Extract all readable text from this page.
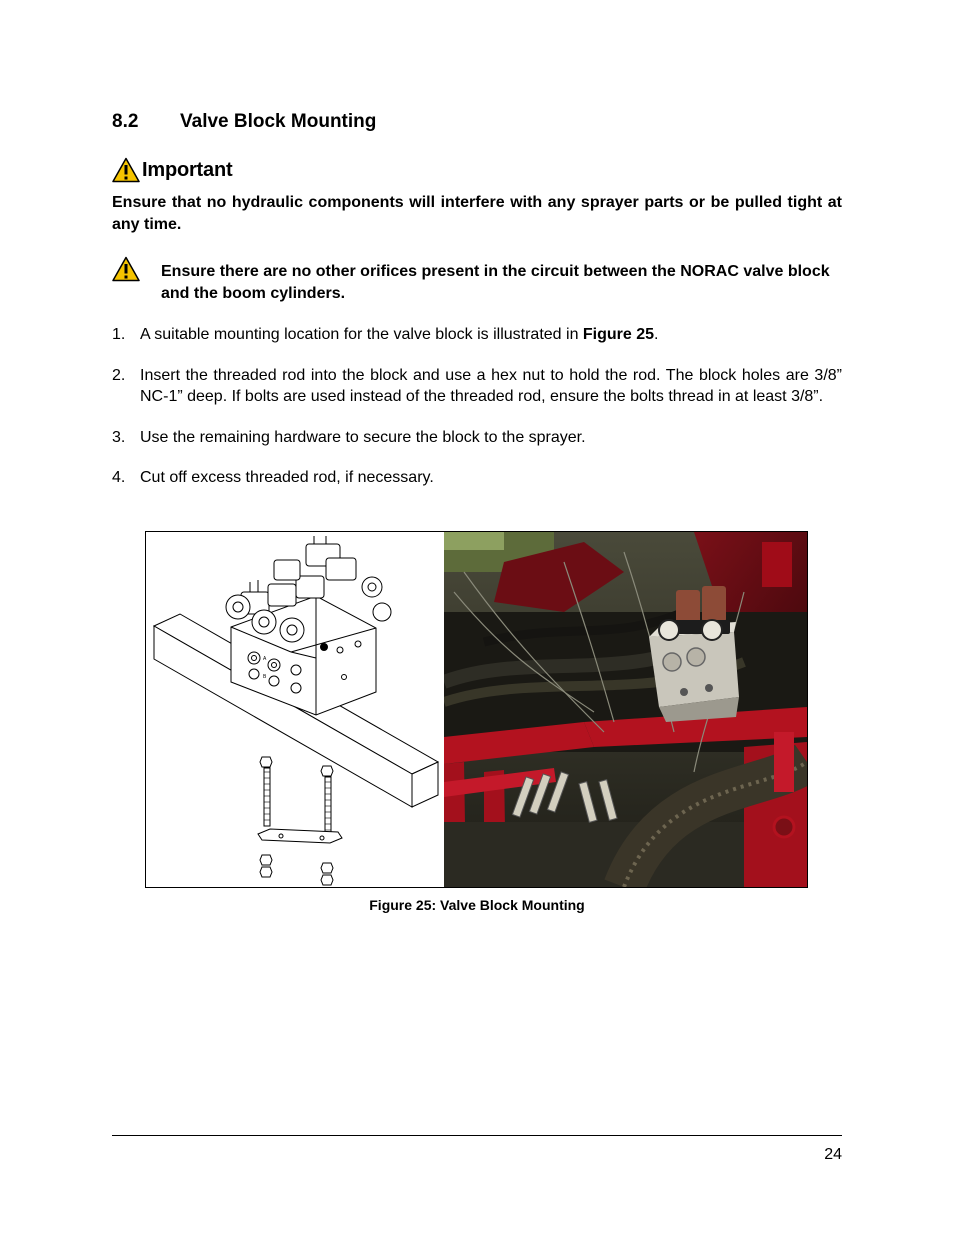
8.2 Valve Block Mounting
Important
Ensure that no hydraulic components will interfere with any sprayer parts or be pulled tight at any time.
Ensure there are no other orifices present in the circuit between the NORAC valve block and the boom cylinders.
1. A suitable mounting location for the valve block is illustrated in Figure 25.
2. Insert the threaded rod into the block and use a hex nut to hold the rod. The block holes are 3/8” NC-1” deep. If bolts are used instead of the threaded rod, ensure the bolts thread in at least 3/8”.
3. Use the remaining hardware to secure the block to the sprayer.
4. Cut off excess threaded rod, if necessary.
A
B
Figure 25: Valve Block Mounting
24
